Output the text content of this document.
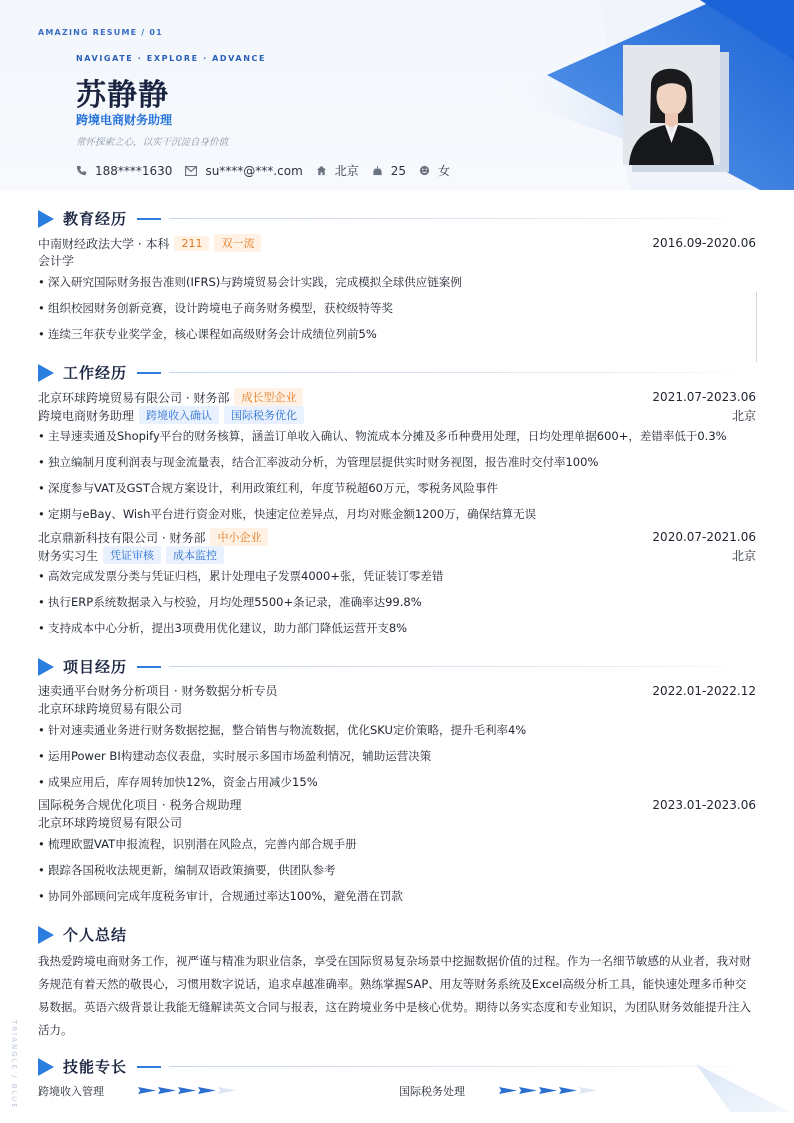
AMAZING RESUME / 01
NAVIGATE · EXPLORE · ADVANCE
苏静静
跨境电商财务助理
常怀探索之心，以实干沉淀自身价值
188****1630	su****@***.com	北京	25	女
教育经历
中南财经政法大学 · 本科	211	双一流	2016.09-2020.06
会计学
• 深入研究国际财务报告准则(IFRS)与跨境贸易会计实践，完成模拟全球供应链案例
• 组织校园财务创新竞赛，设计跨境电子商务财务模型，获校级特等奖
• 连续三年获专业奖学金，核心课程如高级财务会计成绩位列前5%
工作经历
北京环球跨境贸易有限公司 · 财务部	成长型企业	2021.07-2023.06
跨境电商财务助理	跨境收入确认	国际税务优化	北京
• 主导速卖通及Shopify平台的财务核算，涵盖订单收入确认、物流成本分摊及多币种费用处理，日均处理单据600+，差错率低于0.3%
• 独立编制月度利润表与现金流量表，结合汇率波动分析，为管理层提供实时财务视图，报告准时交付率100%
• 深度参与VAT及GST合规方案设计，利用政策红利，年度节税超60万元，零税务风险事件
• 定期与eBay、Wish平台进行资金对账，快速定位差异点，月均对账金额1200万，确保结算无误
北京鼎新科技有限公司 · 财务部	中小企业	2020.07-2021.06
财务实习生	凭证审核	成本监控	北京
• 高效完成发票分类与凭证归档，累计处理电子发票4000+张，凭证装订零差错
• 执行ERP系统数据录入与校验，月均处理5500+条记录，准确率达99.8%
• 支持成本中心分析，提出3项费用优化建议，助力部门降低运营开支8%
项目经历
速卖通平台财务分析项目 · 财务数据分析专员	2022.01-2022.12
北京环球跨境贸易有限公司
• 针对速卖通业务进行财务数据挖掘，整合销售与物流数据，优化SKU定价策略，提升毛利率4%
• 运用Power BI构建动态仪表盘，实时展示多国市场盈利情况，辅助运营决策
• 成果应用后，库存周转加快12%，资金占用减少15%
国际税务合规优化项目 · 税务合规助理	2023.01-2023.06
北京环球跨境贸易有限公司
• 梳理欧盟VAT申报流程，识别潜在风险点，完善内部合规手册
• 跟踪各国税收法规更新，编制双语政策摘要，供团队参考
• 协同外部顾问完成年度税务审计，合规通过率达100%，避免潜在罚款
个人总结
我热爱跨境电商财务工作，视严谨与精准为职业信条，享受在国际贸易复杂场景中挖掘数据价值的过程。作为一名细节敏感的从业者，我对财务规范有着天然的敬畏心，习惯用数字说话，追求卓越准确率。熟练掌握SAP、用友等财务系统及Excel高级分析工具，能快速处理多币种交易数据。英语六级背景让我能无缝解读英文合同与报表，这在跨境业务中是核心优势。期待以务实态度和专业知识，为团队财务效能提升注入活力。
技能专长
跨境收入管理	国际税务处理
TRIANGLE / BLUE
